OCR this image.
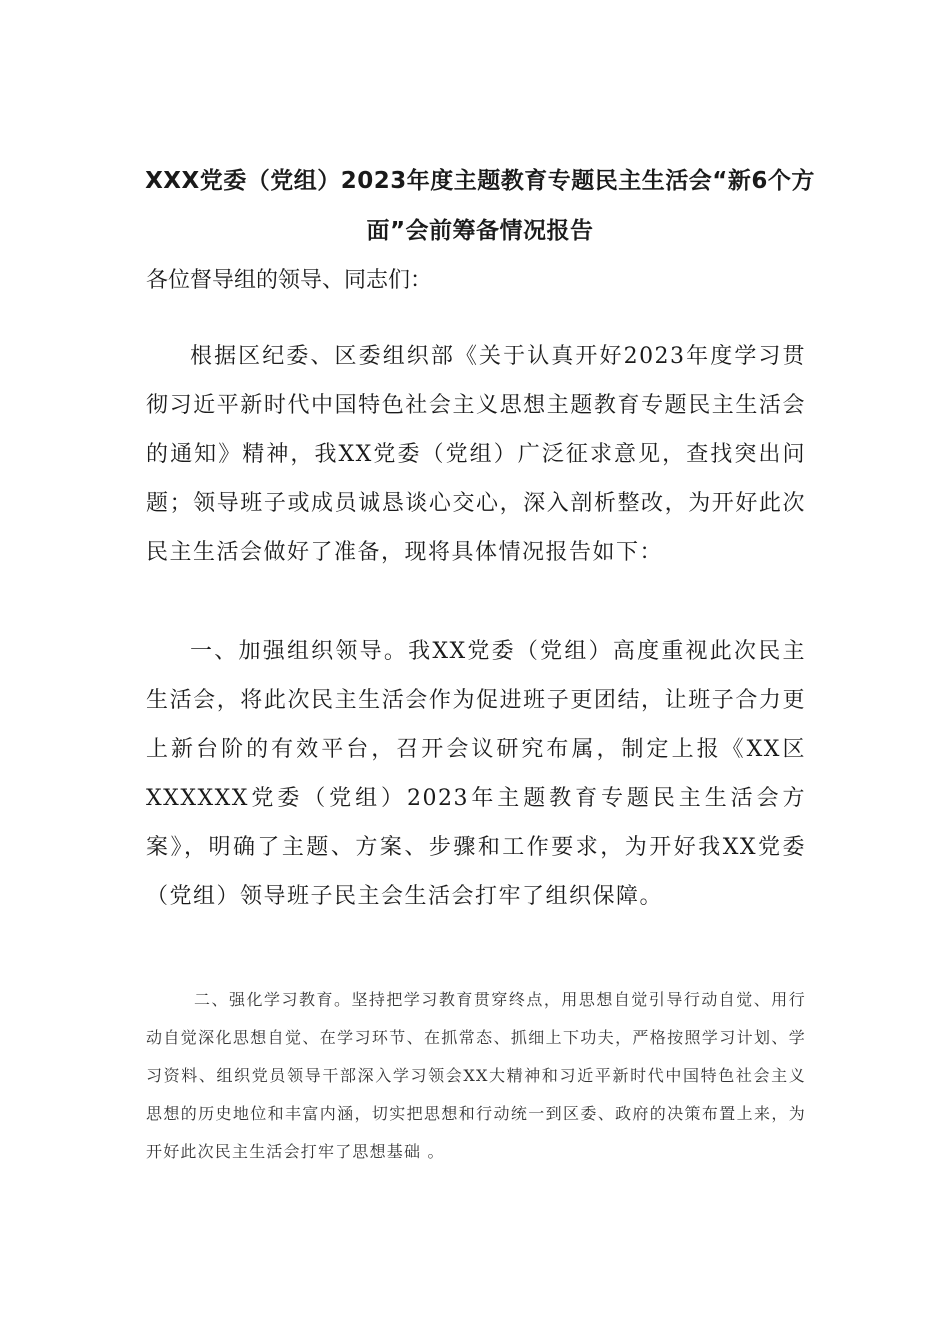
XXX党委（党组）2023年度主题教育专题民主生活会“新6个方面”会前筹备情况报告

各位督导组的领导、同志们：

根据区纪委、区委组织部《关于认真开好2023年度学习贯彻习近平新时代中国特色社会主义思想主题教育专题民主生活会的通知》精神，我XX党委（党组）广泛征求意见，查找突出问题；领导班子或成员诚恳谈心交心，深入剖析整改，为开好此次民主生活会做好了准备，现将具体情况报告如下：

一、加强组织领导。我XX党委（党组）高度重视此次民主生活会，将此次民主生活会作为促进班子更团结，让班子合力更上新台阶的有效平台，召开会议研究布属，制定上报《XX区XXXXXX党委（党组）2023年主题教育专题民主生活会方案》，明确了主题、方案、步骤和工作要求，为开好我XX党委（党组）领导班子民主会生活会打牢了组织保障。

二、强化学习教育。坚持把学习教育贯穿终点，用思想自觉引导行动自觉、用行动自觉深化思想自觉、在学习环节、在抓常态、抓细上下功夫，严格按照学习计划、学习资料、组织党员领导干部深入学习领会XX大精神和习近平新时代中国特色社会主义思想的历史地位和丰富内涵，切实把思想和行动统一到区委、政府的决策布置上来，为开好此次民主生活会打牢了思想基础 。
